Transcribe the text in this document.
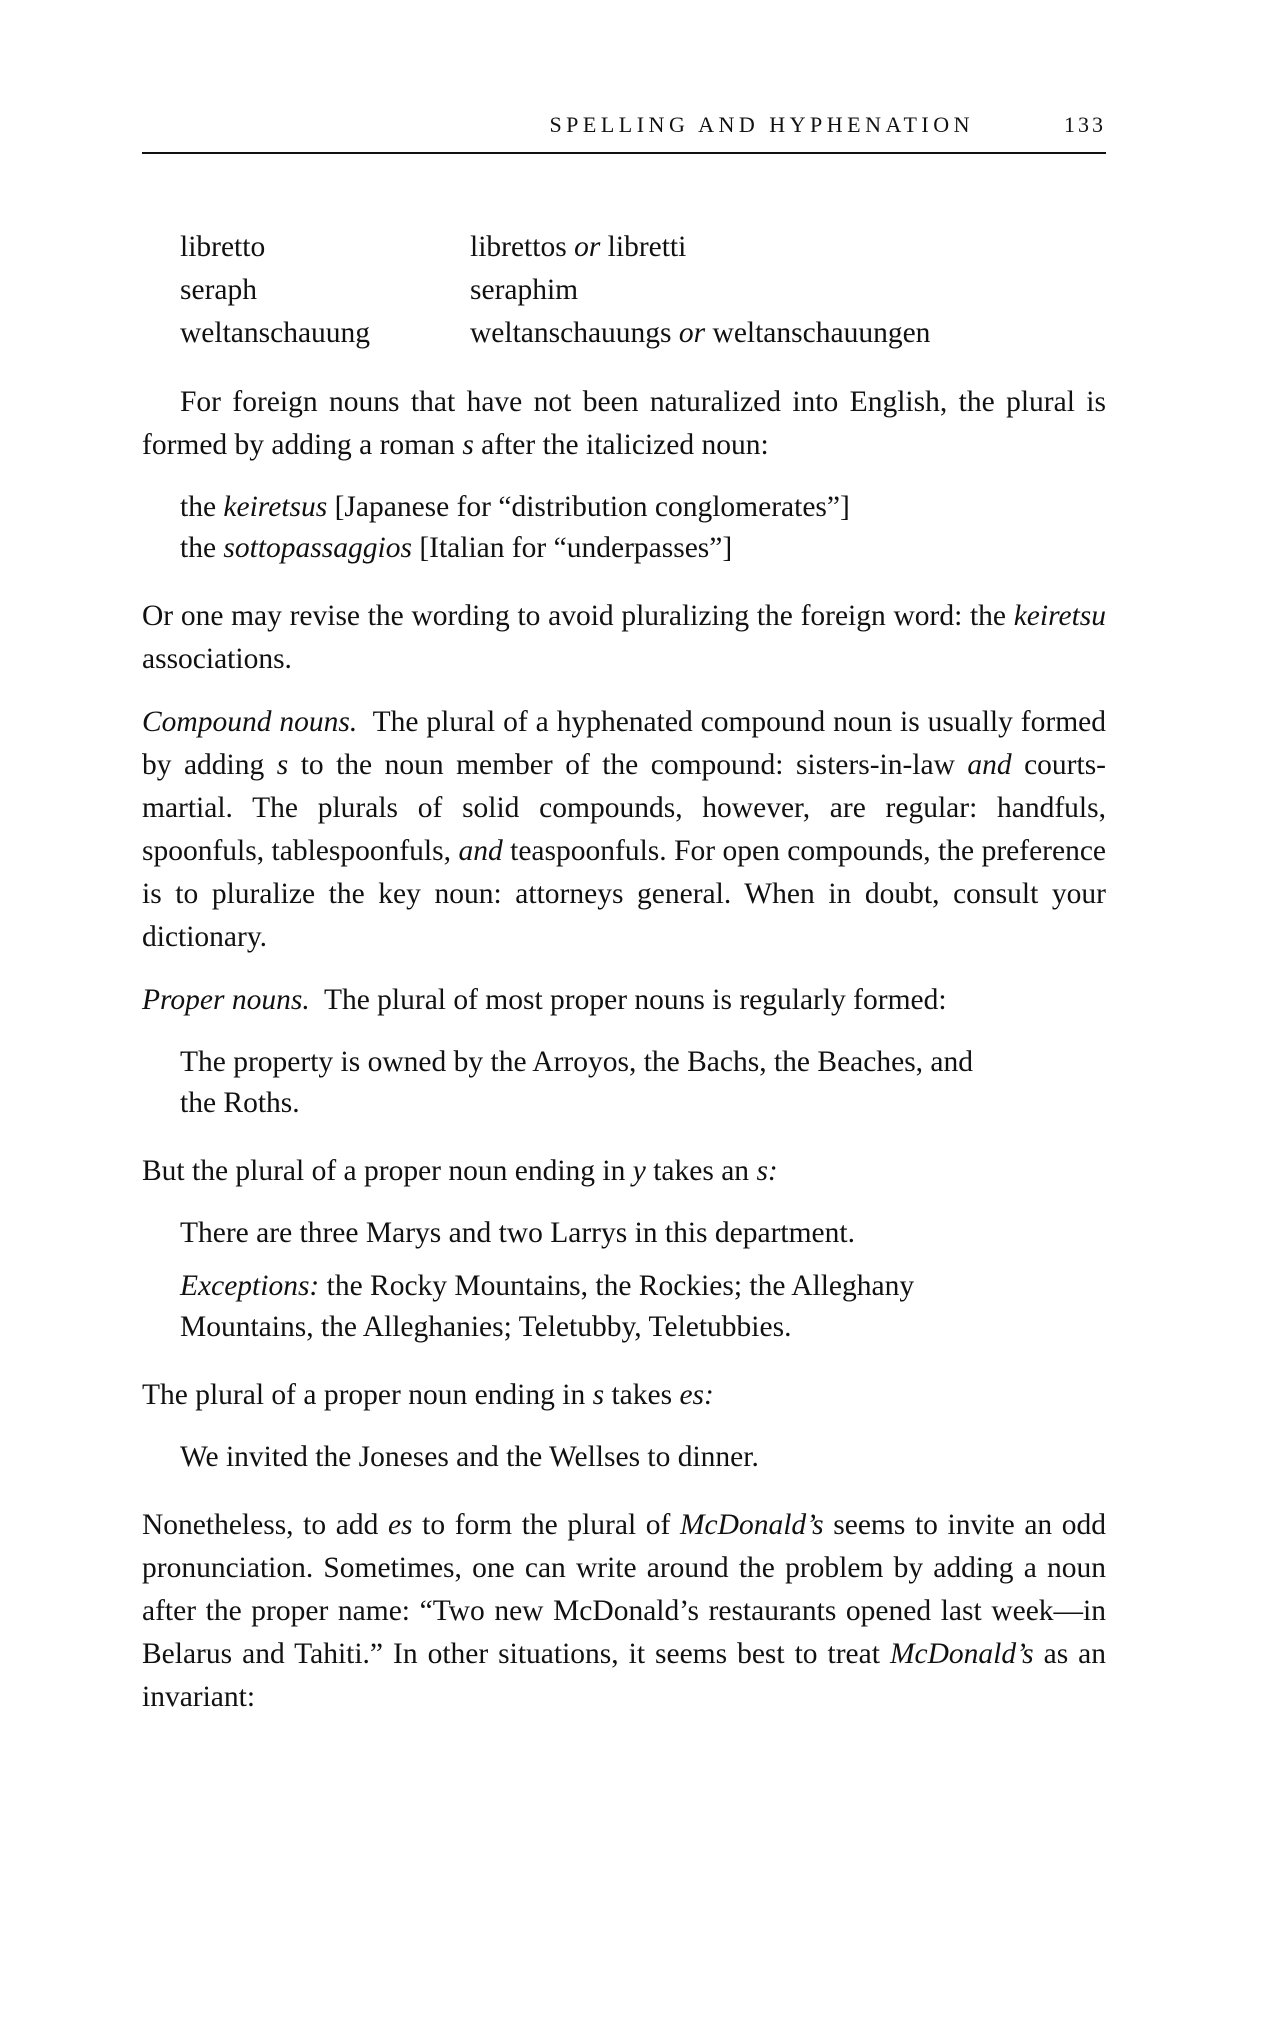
SPELLING AND HYPHENATION	133
libretto	librettos or libretti
seraph	seraphim
weltanschauung	weltanschauungs or weltanschauungen

For foreign nouns that have not been naturalized into English, the plural is formed by adding a roman s after the italicized noun:

the keiretsus [Japanese for “distribution conglomerates”]
the sottopassaggios [Italian for “underpasses”]

Or one may revise the wording to avoid pluralizing the foreign word: the keiretsu associations.

Compound nouns. The plural of a hyphenated compound noun is usually formed by adding s to the noun member of the compound: sisters-in-law and courts-martial. The plurals of solid compounds, however, are regular: handfuls, spoonfuls, tablespoonfuls, and teaspoonfuls. For open compounds, the preference is to pluralize the key noun: attorneys general. When in doubt, consult your dictionary.

Proper nouns. The plural of most proper nouns is regularly formed:

The property is owned by the Arroyos, the Bachs, the Beaches, and
the Roths.

But the plural of a proper noun ending in y takes an s:

There are three Marys and two Larrys in this department.
Exceptions: the Rocky Mountains, the Rockies; the Alleghany
Mountains, the Alleghanies; Teletubby, Teletubbies.

The plural of a proper noun ending in s takes es:

We invited the Joneses and the Wellses to dinner.

Nonetheless, to add es to form the plural of McDonald’s seems to invite an odd pronunciation. Sometimes, one can write around the problem by adding a noun after the proper name: “Two new McDonald’s restaurants opened last week—in Belarus and Tahiti.” In other situations, it seems best to treat McDonald’s as an invariant:
